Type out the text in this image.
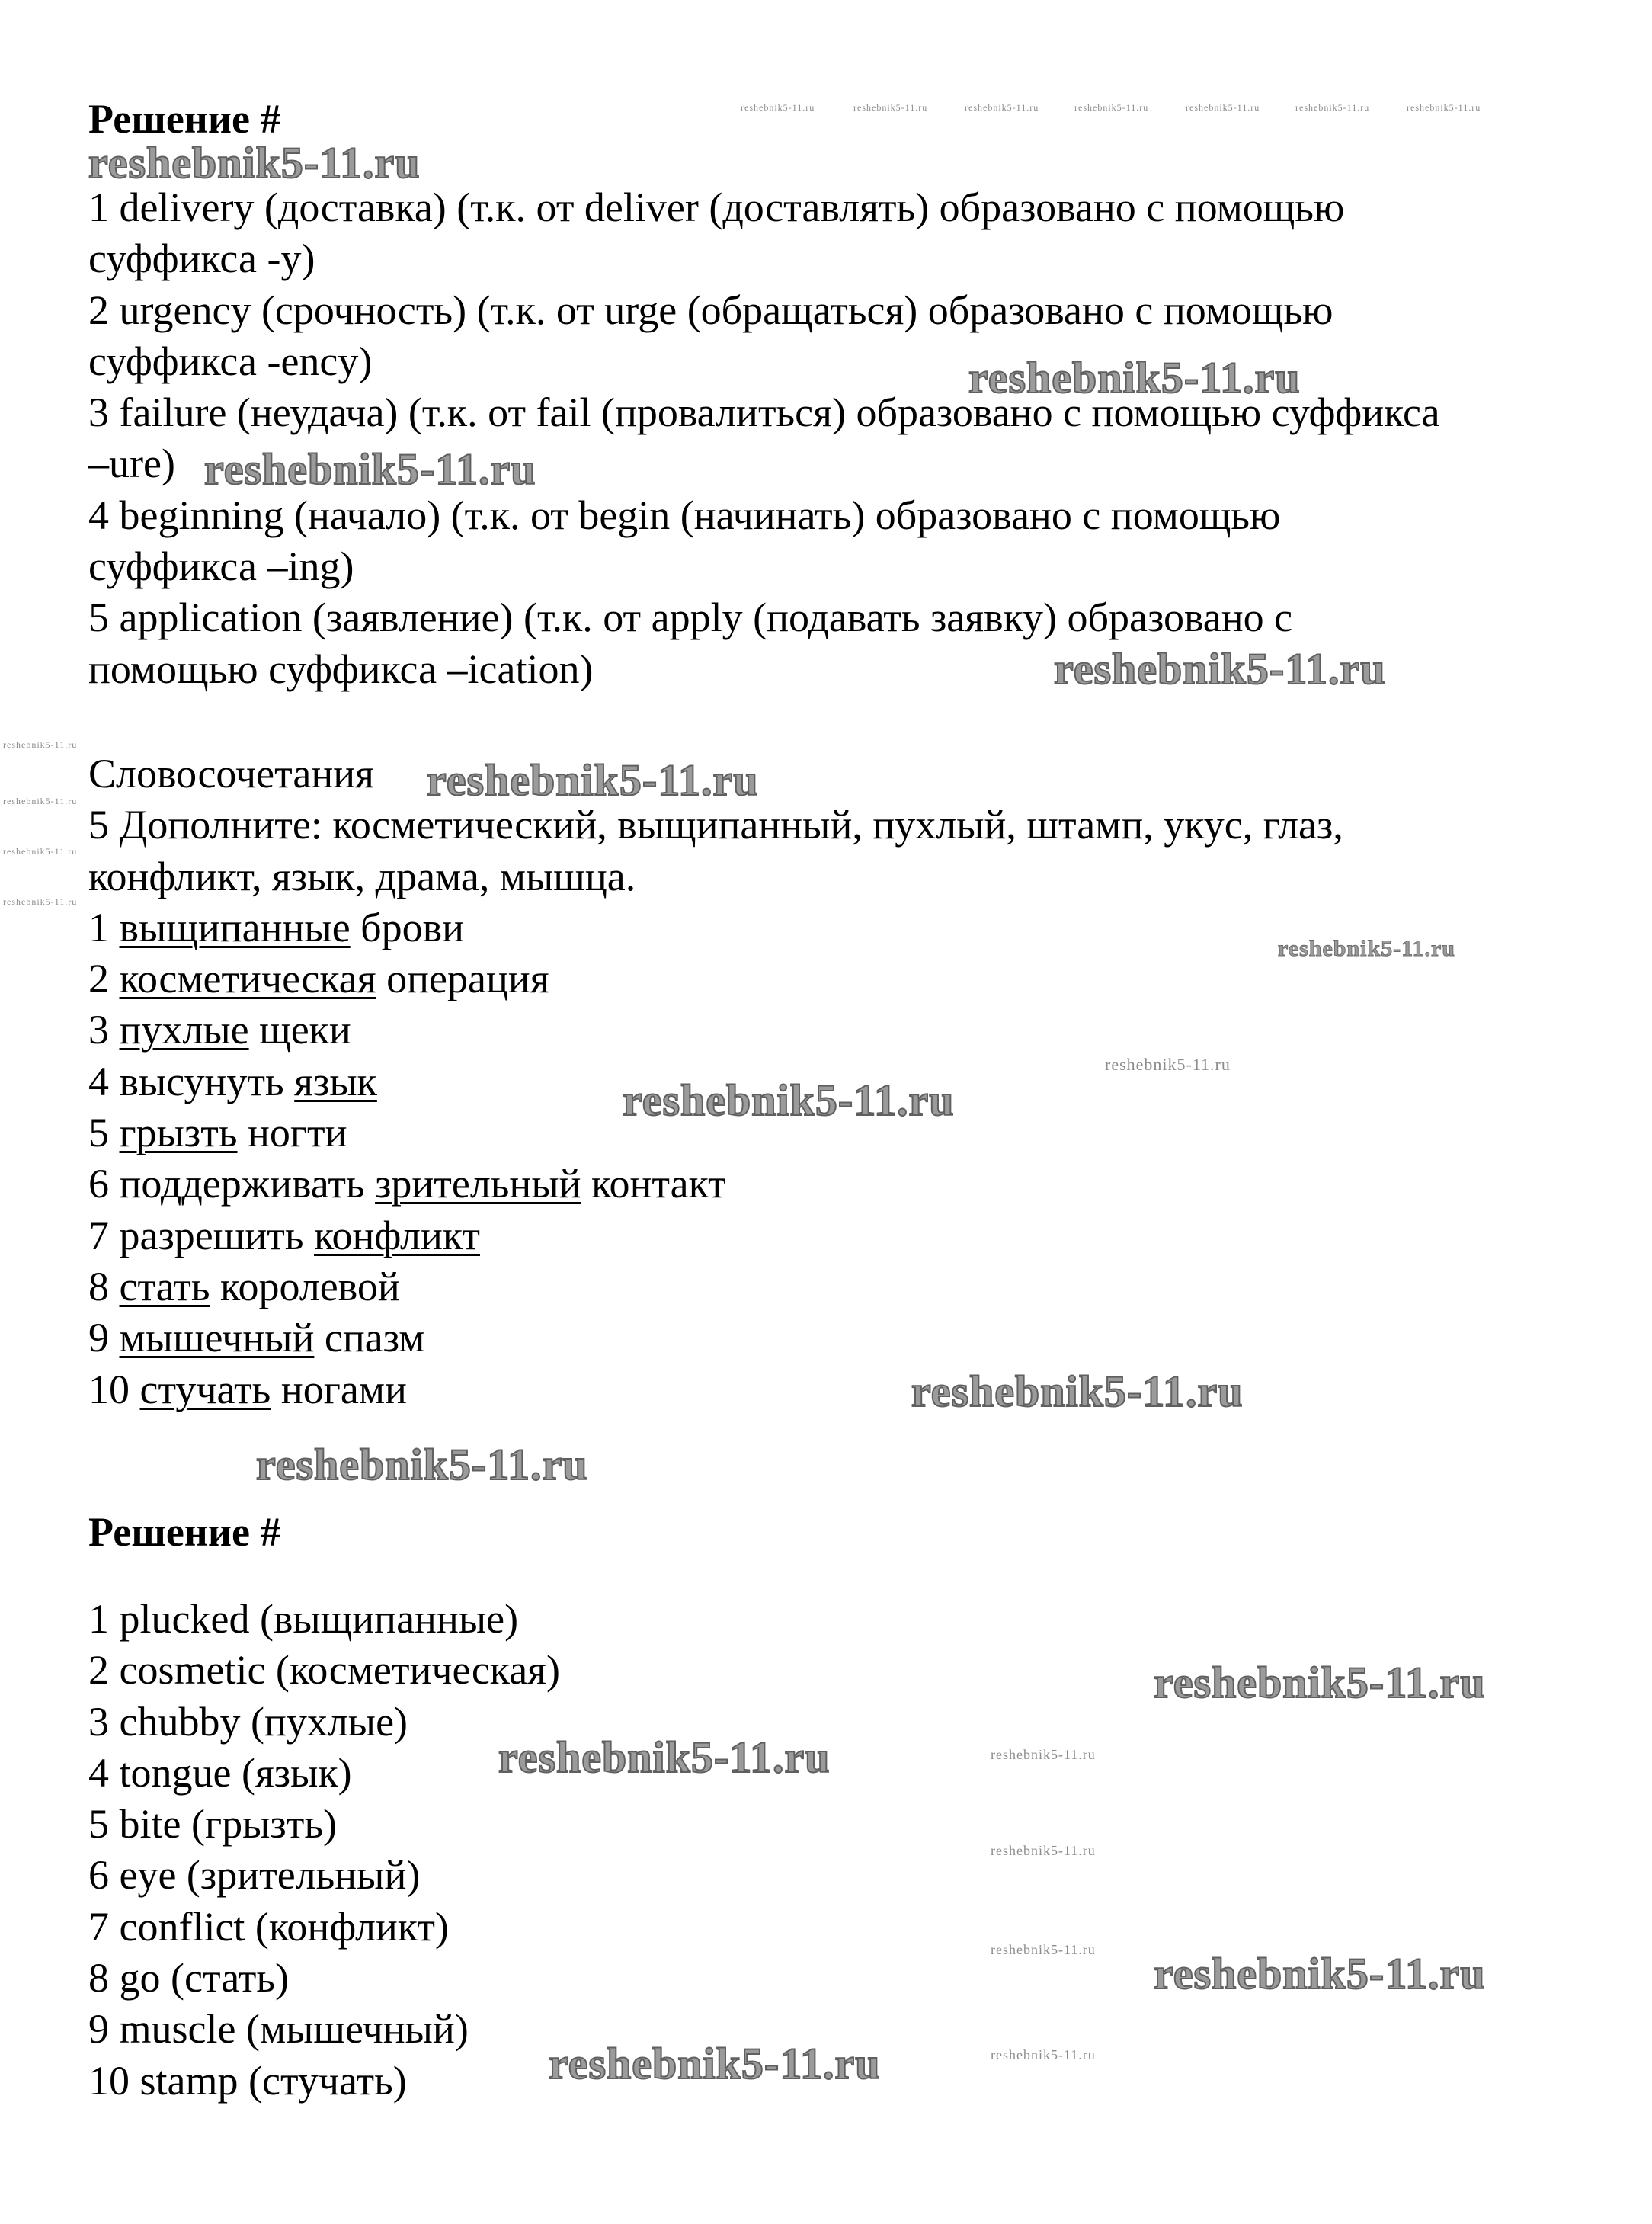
Решение #
1 delivery (доставка) (т.к. от deliver (доставлять) образовано с помощью
суффикса -y)
2 urgency (срочность) (т.к. от urge (обращаться) образовано с помощью
суффикса -ency)
3 failure (неудача) (т.к. от fail (провалиться) образовано с помощью суффикса
–ure)
4 beginning (начало) (т.к. от begin (начинать) образовано с помощью
суффикса –ing)
5 application (заявление) (т.к. от apply (подавать заявку) образовано с
помощью суффикса –ication)
Словосочетания
5 Дополните: косметический, выщипанный, пухлый, штамп, укус, глаз,
конфликт, язык, драма, мышца.
1 выщипанные брови
2 косметическая операция
3 пухлые щеки
4 высунуть язык
5 грызть ногти
6 поддерживать зрительный контакт
7 разрешить конфликт
8 стать королевой
9 мышечный спазм
10 стучать ногами
Решение #
1 plucked (выщипанные)
2 cosmetic (косметическая)
3 chubby (пухлые)
4 tongue (язык)
5 bite (грызть)
6 eye (зрительный)
7 conflict (конфликт)
8 go (стать)
9 muscle (мышечный)
10 stamp (стучать)
reshebnik5-11.ru
reshebnik5-11.ru
reshebnik5-11.ru
reshebnik5-11.ru
reshebnik5-11.ru
reshebnik5-11.ru
reshebnik5-11.ru
reshebnik5-11.ru
reshebnik5-11.ru
reshebnik5-11.ru
reshebnik5-11.ru
reshebnik5-11.ru
reshebnik5-11.ru
reshebnik5-11.ru	reshebnik5-11.ru	reshebnik5-11.ru	reshebnik5-11.ru	reshebnik5-11.ru	reshebnik5-11.ru	reshebnik5-11.ru
reshebnik5-11.ru
reshebnik5-11.ru
reshebnik5-11.ru
reshebnik5-11.ru
reshebnik5-11.ru
reshebnik5-11.ru
reshebnik5-11.ru
reshebnik5-11.ru
reshebnik5-11.ru
